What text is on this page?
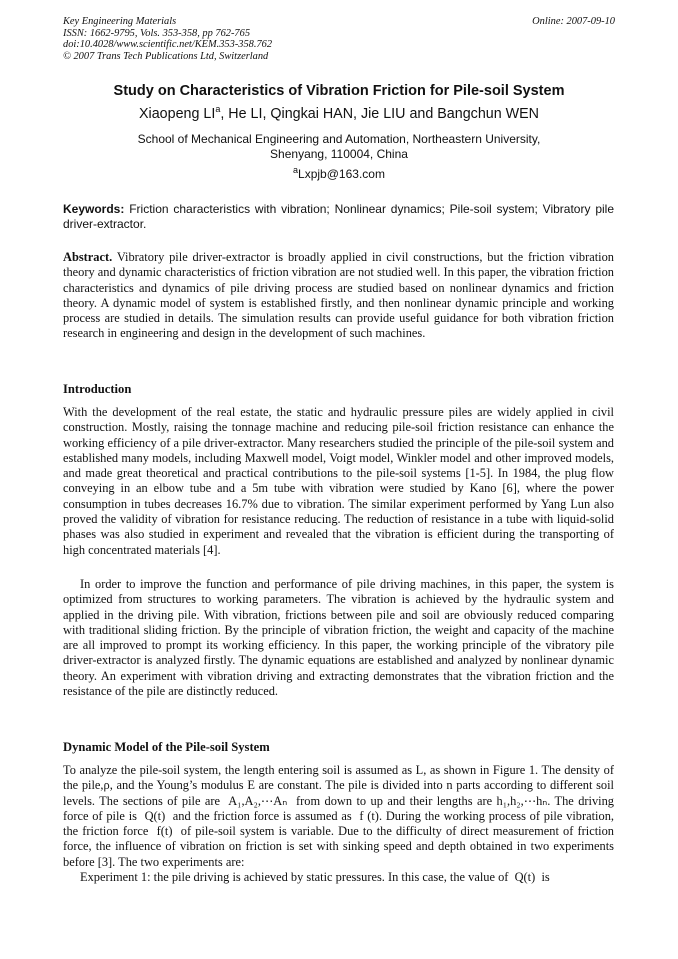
Key Engineering Materials
ISSN: 1662-9795, Vols. 353-358, pp 762-765
doi:10.4028/www.scientific.net/KEM.353-358.762
© 2007 Trans Tech Publications Ltd, Switzerland
Online: 2007-09-10
Study on Characteristics of Vibration Friction for Pile-soil System
Xiaopeng $LI^a$, He LI, Qingkai HAN, Jie LIU and Bangchun WEN
School of Mechanical Engineering and Automation, Northeastern University,
Shenyang, 110004, China
$^a$Lxpjb@163.com
Keywords: Friction characteristics with vibration; Nonlinear dynamics; Pile-soil system; Vibratory pile driver-extractor.
Abstract. Vibratory pile driver-extractor is broadly applied in civil constructions, but the friction vibration theory and dynamic characteristics of friction vibration are not studied well. In this paper, the vibration friction characteristics and dynamics of pile driving process are studied based on nonlinear dynamics and friction theory. A dynamic model of system is established firstly, and then nonlinear dynamic principle and working process are studied in details. The simulation results can provide useful guidance for both vibration friction research in engineering and design in the development of such machines.
Introduction
With the development of the real estate, the static and hydraulic pressure piles are widely applied in civil construction. Mostly, raising the tonnage machine and reducing pile-soil friction resistance can enhance the working efficiency of a pile driver-extractor. Many researchers studied the principle of the pile-soil system and established many models, including Maxwell model, Voigt model, Winkler model and other improved models, and made great theoretical and practical contributions to the pile-soil systems [1-5]. In 1984, the plug flow conveying in an elbow tube and a 5m tube with vibration were studied by Kano [6], where the power consumption in tubes decreases 16.7% due to vibration. The similar experiment performed by Yang Lun also proved the validity of vibration for resistance reducing. The reduction of resistance in a tube with liquid-solid phases was also studied in experiment and revealed that the vibration is efficient during the transporting of high concentrated materials [4].
In order to improve the function and performance of pile driving machines, in this paper, the system is optimized from structures to working parameters. The vibration is achieved by the hydraulic system and applied in the driving pile. With vibration, frictions between pile and soil are obviously reduced comparing with traditional sliding friction. By the principle of vibration friction, the weight and capacity of the machine are all improved to prompt its working efficiency. In this paper, the working principle of the vibratory pile driver-extractor is analyzed firstly. The dynamic equations are established and analyzed by nonlinear dynamic theory. An experiment with vibration driving and extracting demonstrates that the vibration friction and the resistance of the pile are distinctly reduced.
Dynamic Model of the Pile-soil System
To analyze the pile-soil system, the length entering soil is assumed as L, as shown in Figure 1. The density of the pile,ρ, and the Young’s modulus E are constant. The pile is divided into n parts according to different soil levels. The sections of pile are A₁,A₂,⋯Aₙ from down to up and their lengths are h₁,h₂,⋯hₙ. The driving force of pile is Q(t) and the friction force is assumed as f (t). During the working process of pile vibration, the friction force f(t) of pile-soil system is variable. Due to the difficulty of direct measurement of friction force, the influence of vibration on friction is set with sinking speed and depth obtained in two experiments before [3]. The two experiments are:
Experiment 1: the pile driving is achieved by static pressures. In this case, the value of Q(t) is
